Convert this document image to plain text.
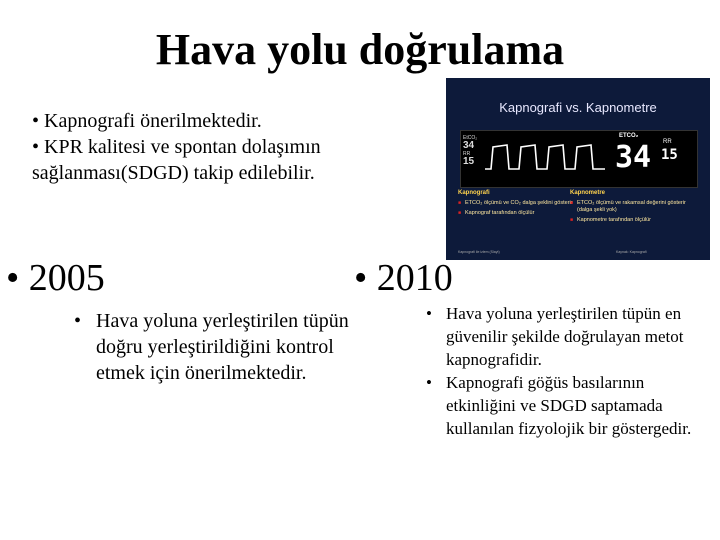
Hava yolu doğrulama
• Kapnografi önerilmektedir.
• KPR kalitesi ve spontan dolaşımın
sağlanması(SDGD) takip edilebilir.
Kapnografi vs. Kapnometre
EtCO₂
34
RR
15
ETCO₂
34 RR
15
Kapnografi
■ ETCO₂ ölçümü ve CO₂ dalga şeklini gösterir
■ Kapnograf tarafından ölçülür
Kapnometre
■ ETCO₂ ölçümü ve rakamsal değerini gösterir (dalga şekli yok)
■ Kapnometre tarafından ölçülür
Kapnografi ile izlem (Slayt)	Kaynak: Kapnografi
• 2005	• 2010
• Hava yoluna yerleştirilen tüpün doğru yerleştirildiğini kontrol etmek için önerilmektedir.
• Hava yoluna yerleştirilen tüpün en güvenilir şekilde doğrulayan metot kapnografidir.
• Kapnografi göğüs basılarının etkinliğini ve SDGD saptamada kullanılan fizyolojik bir göstergedir.
